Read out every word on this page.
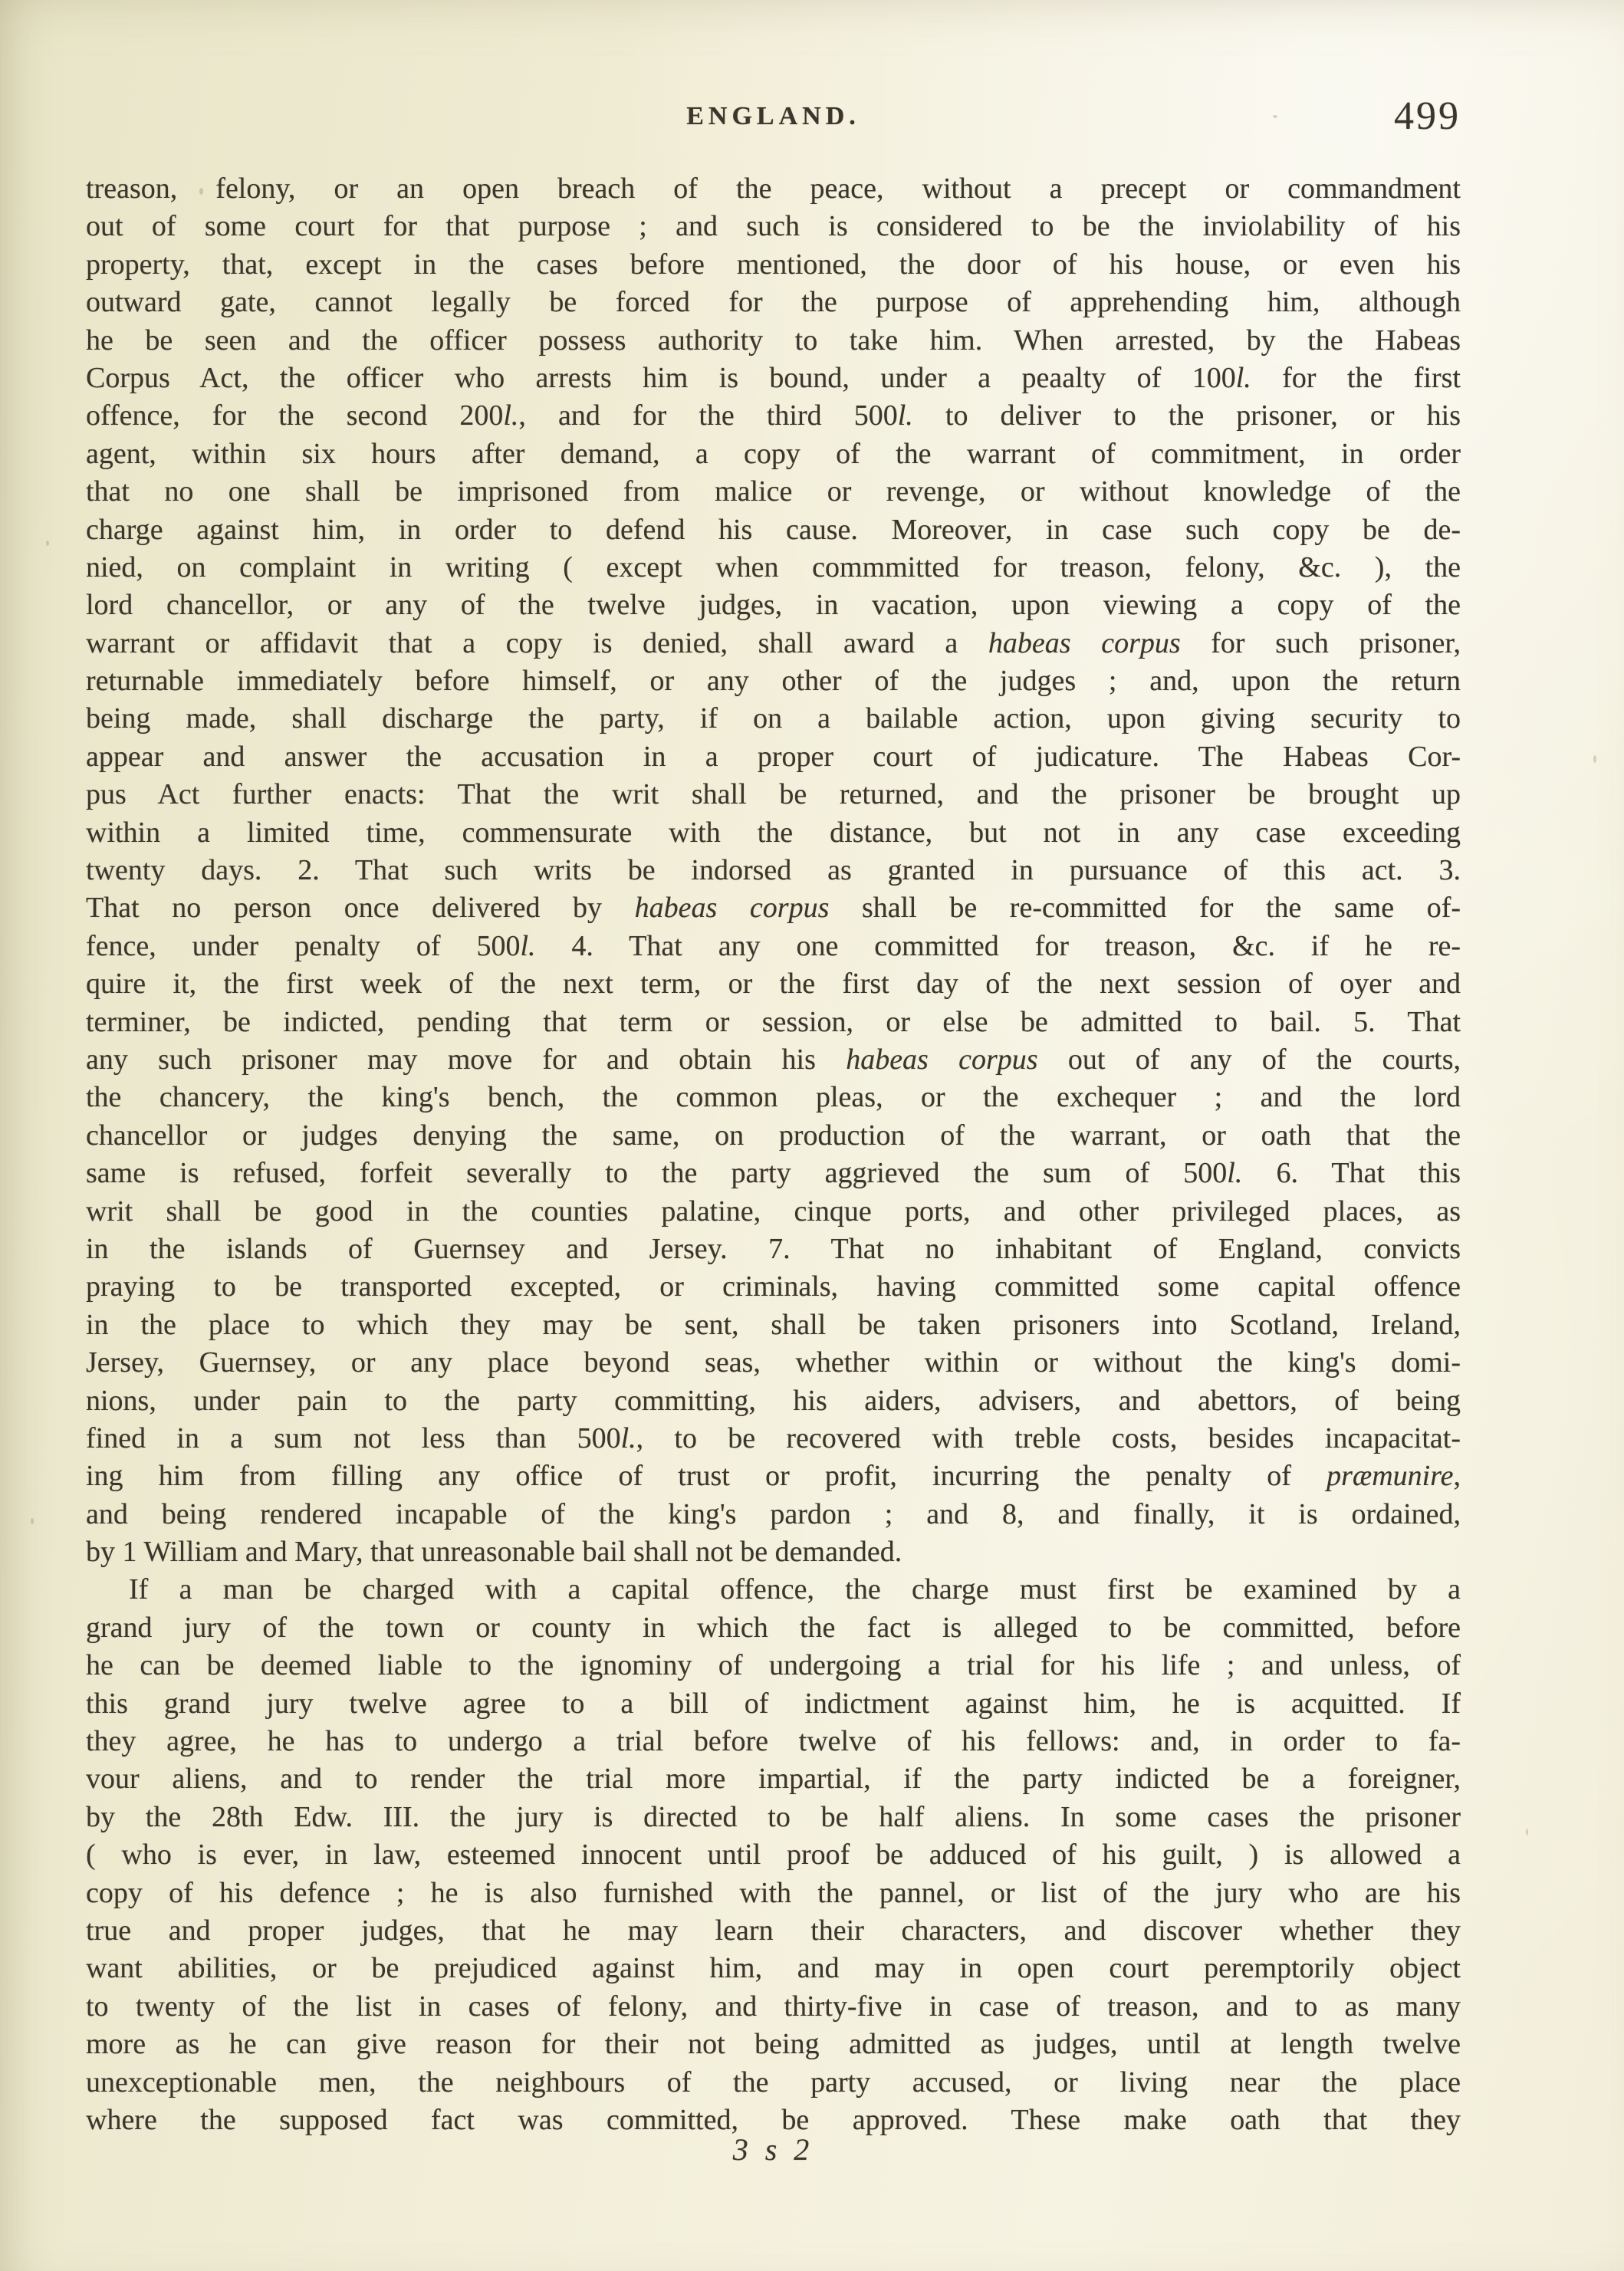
ENGLAND.	499
treason, felony, or an open breach of the peace, without a precept or commandment
out of some court for that purpose ; and such is considered to be the inviolability of his
property, that, except in the cases before mentioned, the door of his house, or even his
outward gate, cannot legally be forced for the purpose of apprehending him, although
he be seen and the officer possess authority to take him. When arrested, by the Habeas
Corpus Act, the officer who arrests him is bound, under a peaalty of 100l. for the first
offence, for the second 200l., and for the third 500l. to deliver to the prisoner, or his
agent, within six hours after demand, a copy of the warrant of commitment, in order
that no one shall be imprisoned from malice or revenge, or without knowledge of the
charge against him, in order to defend his cause. Moreover, in case such copy be de-
nied, on complaint in writing ( except when commmitted for treason, felony, &c. ), the
lord chancellor, or any of the twelve judges, in vacation, upon viewing a copy of the
warrant or affidavit that a copy is denied, shall award a habeas corpus for such prisoner,
returnable immediately before himself, or any other of the judges ; and, upon the return
being made, shall discharge the party, if on a bailable action, upon giving security to
appear and answer the accusation in a proper court of judicature. The Habeas Cor-
pus Act further enacts: That the writ shall be returned, and the prisoner be brought up
within a limited time, commensurate with the distance, but not in any case exceeding
twenty days. 2. That such writs be indorsed as granted in pursuance of this act. 3.
That no person once delivered by habeas corpus shall be re-committed for the same of-
fence, under penalty of 500l. 4. That any one committed for treason, &c. if he re-
quire it, the first week of the next term, or the first day of the next session of oyer and
terminer, be indicted, pending that term or session, or else be admitted to bail. 5. That
any such prisoner may move for and obtain his habeas corpus out of any of the courts,
the chancery, the king's bench, the common pleas, or the exchequer ; and the lord
chancellor or judges denying the same, on production of the warrant, or oath that the
same is refused, forfeit severally to the party aggrieved the sum of 500l. 6. That this
writ shall be good in the counties palatine, cinque ports, and other privileged places, as
in the islands of Guernsey and Jersey. 7. That no inhabitant of England, convicts
praying to be transported excepted, or criminals, having committed some capital offence
in the place to which they may be sent, shall be taken prisoners into Scotland, Ireland,
Jersey, Guernsey, or any place beyond seas, whether within or without the king's domi-
nions, under pain to the party committing, his aiders, advisers, and abettors, of being
fined in a sum not less than 500l., to be recovered with treble costs, besides incapacitat-
ing him from filling any office of trust or profit, incurring the penalty of præmunire,
and being rendered incapable of the king's pardon ; and 8, and finally, it is ordained,
by 1 William and Mary, that unreasonable bail shall not be demanded.
If a man be charged with a capital offence, the charge must first be examined by a
grand jury of the town or county in which the fact is alleged to be committed, before
he can be deemed liable to the ignominy of undergoing a trial for his life ; and unless, of
this grand jury twelve agree to a bill of indictment against him, he is acquitted. If
they agree, he has to undergo a trial before twelve of his fellows: and, in order to fa-
vour aliens, and to render the trial more impartial, if the party indicted be a foreigner,
by the 28th Edw. III. the jury is directed to be half aliens. In some cases the prisoner
( who is ever, in law, esteemed innocent until proof be adduced of his guilt, ) is allowed a
copy of his defence ; he is also furnished with the pannel, or list of the jury who are his
true and proper judges, that he may learn their characters, and discover whether they
want abilities, or be prejudiced against him, and may in open court peremptorily object
to twenty of the list in cases of felony, and thirty-five in case of treason, and to as many
more as he can give reason for their not being admitted as judges, until at length twelve
unexceptionable men, the neighbours of the party accused, or living near the place
where the supposed fact was committed, be approved. These make oath that they
3 s 2
